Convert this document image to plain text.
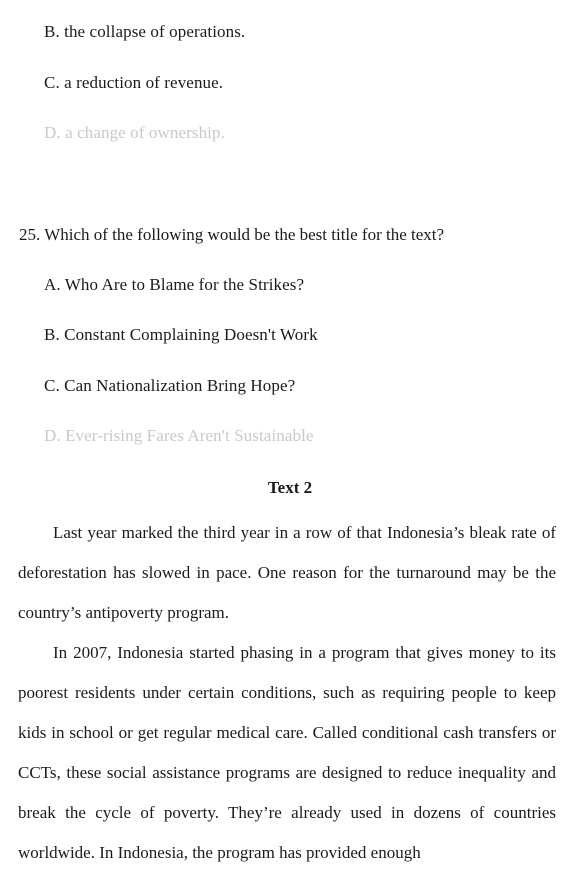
B. the collapse of operations.
C. a reduction of revenue.
D. a change of ownership.
25. Which of the following would be the best title for the text?
A. Who Are to Blame for the Strikes?
B. Constant Complaining Doesn't Work
C. Can Nationalization Bring Hope?
D. Ever-rising Fares Aren't Sustainable
Text 2
Last year marked the third year in a row of that Indonesia’s bleak rate of deforestation has slowed in pace. One reason for the turnaround may be the country’s antipoverty program.
In 2007, Indonesia started phasing in a program that gives money to its poorest residents under certain conditions, such as requiring people to keep kids in school or get regular medical care. Called conditional cash transfers or CCTs, these social assistance programs are designed to reduce inequality and break the cycle of poverty. They’re already used in dozens of countries worldwide. In Indonesia, the program has provided enough
